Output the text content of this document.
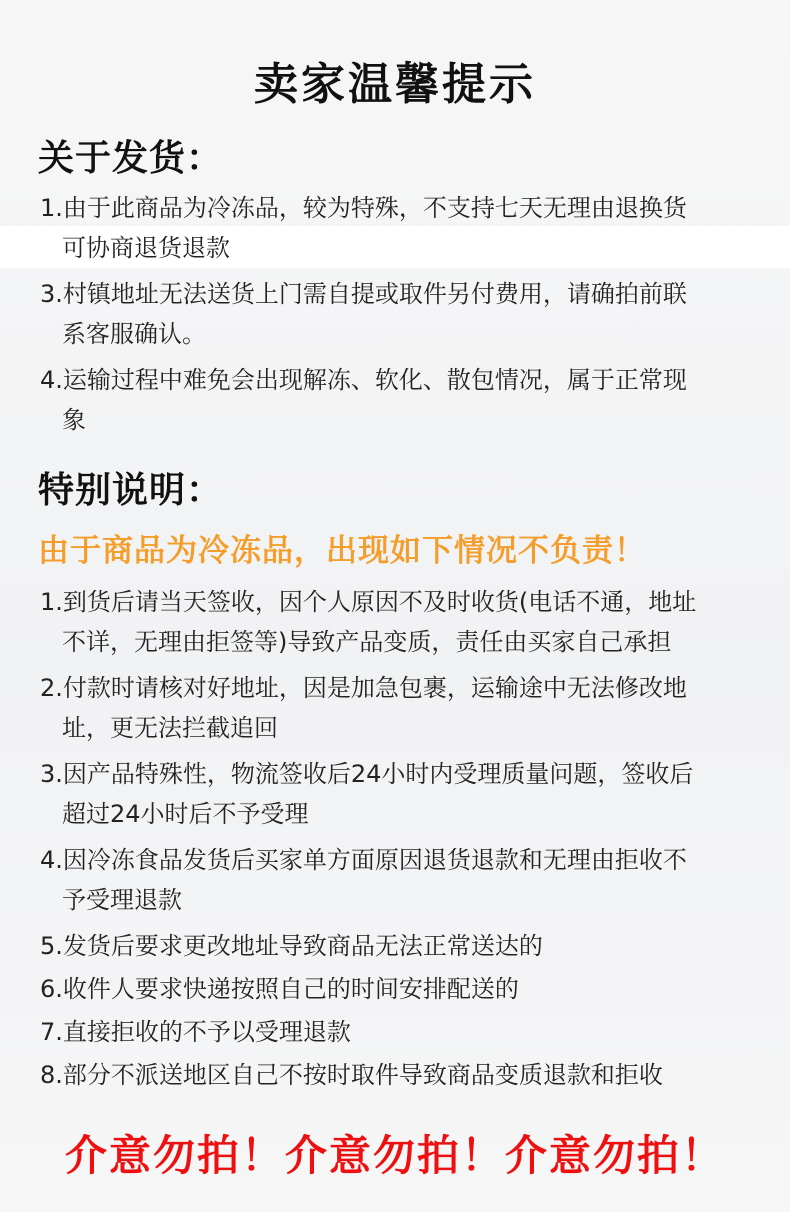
卖家温馨提示
关于发货：
1.由于此商品为冷冻品，较为特殊，不支持七天无理由退换货
可协商退货退款
3.村镇地址无法送货上门需自提或取件另付费用，请确拍前联
系客服确认。
4.运输过程中难免会出现解冻、软化、散包情况，属于正常现
象
特别说明：
由于商品为冷冻品，出现如下情况不负责！
1.到货后请当天签收，因个人原因不及时收货(电话不通，地址
不详，无理由拒签等)导致产品变质，责任由买家自己承担
2.付款时请核对好地址，因是加急包裹，运输途中无法修改地
址，更无法拦截追回
3.因产品特殊性，物流签收后24小时内受理质量问题，签收后
超过24小时后不予受理
4.因冷冻食品发货后买家单方面原因退货退款和无理由拒收不
予受理退款
5.发货后要求更改地址导致商品无法正常送达的
6.收件人要求快递按照自己的时间安排配送的
7.直接拒收的不予以受理退款
8.部分不派送地区自己不按时取件导致商品变质退款和拒收
介意勿拍！介意勿拍！介意勿拍！
